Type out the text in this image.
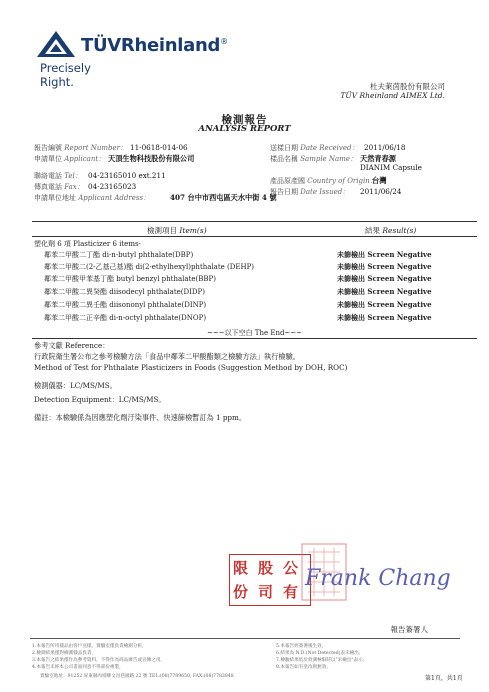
TÜVRheinland®
Precisely Right.	杜夫萊茵股份有限公司
TÜV Rheinland AIMEX Ltd.
檢測報告
ANALYSIS REPORT
報告編號 Report Number： 11-0618-014-06
申請單位 Applicant： 天頂生物科技股份有限公司
聯絡電話 Tel： 04-23165010 ext.211
傳真電話 Fax： 04-23165023
申請單位地址 Applicant Address：	407 台中市西屯區天水中街 4 號
送樣日期 Date Received： 2011/06/18
樣品名稱 Sample Name： 天然青春源
DIANIM Capsule
產品原產國 Country of Origin：
台灣
報告日期 Date Issued： 2011/06/24
檢測項目 Item(s)	結果 Result(s)
塑化劑 6 項 Plasticizer 6 items-
鄰苯二甲酸二丁酯 di-n-butyl phthalate(DBP)	未篩檢出 Screen Negative
鄰苯二甲酸二(2-乙基己基)酯 di(2-ethylhexyl)phthalate (DEHP)	未篩檢出 Screen Negative
鄰苯二甲酸甲苯基丁酯 butyl benzyl phthalate(BBP)	未篩檢出 Screen Negative
鄰苯二甲酸二異癸酯 diisodecyl phthalate(DIDP)	未篩檢出 Screen Negative
鄰苯二甲酸二異壬酯 diisononyl phthalate(DINP)	未篩檢出 Screen Negative
鄰苯二甲酸二正辛酯 di-n-octyl phthalate(DNOP)	未篩檢出 Screen Negative
~~~以下空白 The End~~~
參考文獻 Reference：
行政院衛生署公布之參考檢驗方法「食品中鄰苯二甲酸酯類之檢驗方法」執行檢驗。
Method of Test for Phthalate Plasticizers in Foods (Suggestion Method by DOH, ROC)
檢測儀器：LC/MS/MS。
Detection Equipment：LC/MS/MS。
備註：本檢驗係為因應塑化劑汙染事件、快速篩檢暫訂為 1 ppm。
限 股 公
份 司 有
Frank Chang
報告簽署人
1.本報告所用樣品由客戶送樣、實驗室僅負責檢測分析，
2.檢測結果僅對檢測樣品負責，
3.本報告之結果僅作為參考資料，不得作為商品廣告或宣傳之用，
4.本報告未經本公司書面同意不得部份複製，
5.本報告經簽署後生效，
6.結果為 N.D.(Not Detected)表未檢出，
7.檢驗結果低於偵測極限時以"未檢出"表示，
8.本報告如有塗改則無效，
實驗室地址：91252 屏東縣內埔鄉文昌巷國路 22 號 TEL:(08)7789650, FAX:(08)7783848	第1頁，共1頁
